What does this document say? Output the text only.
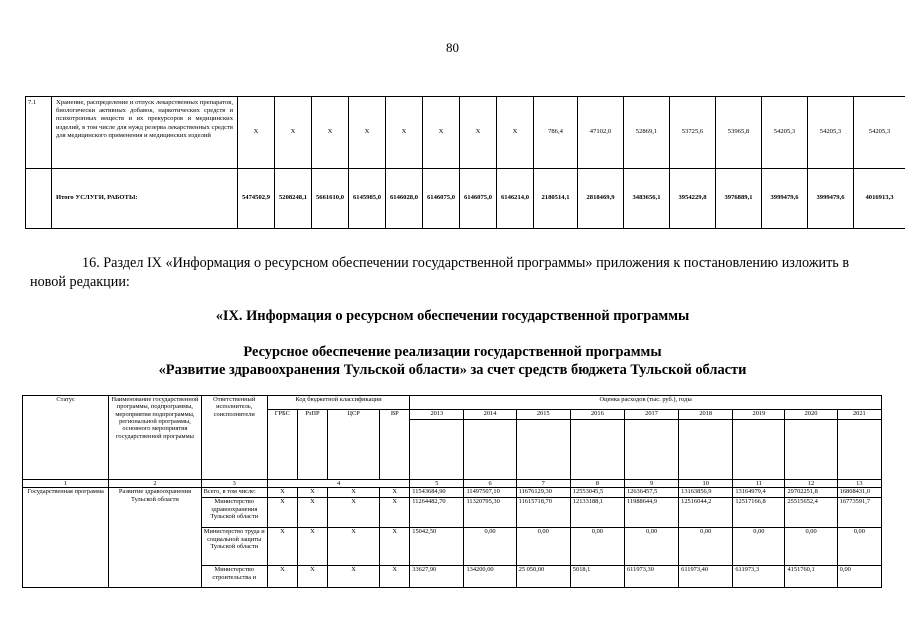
80
7.1	Хранение, распределение и отпуск лекарственных препаратов, биологически активных добавок, наркотических средств и психотропных веществ и их прекурсоров и медицинских изделий, в том числе для нужд резерва лекарственных средств для медицинского применения и медицинских изделий	Х	Х	Х	Х	Х	Х	Х	Х	786,4	47102,0	52869,1	53725,6	53965,8	54205,3	54205,3	54205,3
	Итого УСЛУГИ, РАБОТЫ:	5474502,9	5208248,1	5661610,0	6145985,0	6146028,0	6146075,0	6146075,0	6146214,0	2180514,1	2818469,9	3483656,1	3954229,8	3976889,1	3999479,6	3999479,6	4016913,3
16. Раздел IX «Информация о ресурсном обеспечении государственной программы» приложения к постановлению изложить в новой редакции:
«IX. Информация о ресурсном обеспечении государственной программы
Ресурсное обеспечение реализации государственной программы
«Развитие здравоохранения Тульской области» за счет средств бюджета Тульской области
Статус	Наименование государственной программы, подпрограммы, мероприятия подпрограммы, региональной программы, основного мероприятия государственной программы	Ответственный исполнитель, соисполнители	Код бюджетной классификации				Оценка расходов (тыс. руб.), годы								
			ГРБС	РзПР	ЦСР	ВР	2013	2014	2015	2016	2017	2018	2019	2020	2021

1	2	3	4				5	6	7	8	9	10	11	12	13
Государственная программа	Развитие здравоохранения Тульской области	Всего, в том числе:	Х	Х	Х	Х	11543684,90	11497507,10	11676129,30	12553045,5	12636457,5	13163856,9	13164979,4	29702251,8	16808431,0
		Министерство здравоохранения Тульской области	Х	Х	Х	Х	11264482,70	11320795,30	11615718,70	12133188,1	11988644,9	12516044,2	12517166,8	25515652,4	16773591,7
		Министерство труда и социальной защиты Тульской области	Х	Х	Х	Х	15042,50	0,00	0,00	0,00	0,00	0,00	0,00	0,00	0,00
		Министерство строительства и	Х	Х	Х	Х	33627,90	134200,00	25 050,00	5018,1	611973,30	611973,40	611973,3	4151760,1	0,00
